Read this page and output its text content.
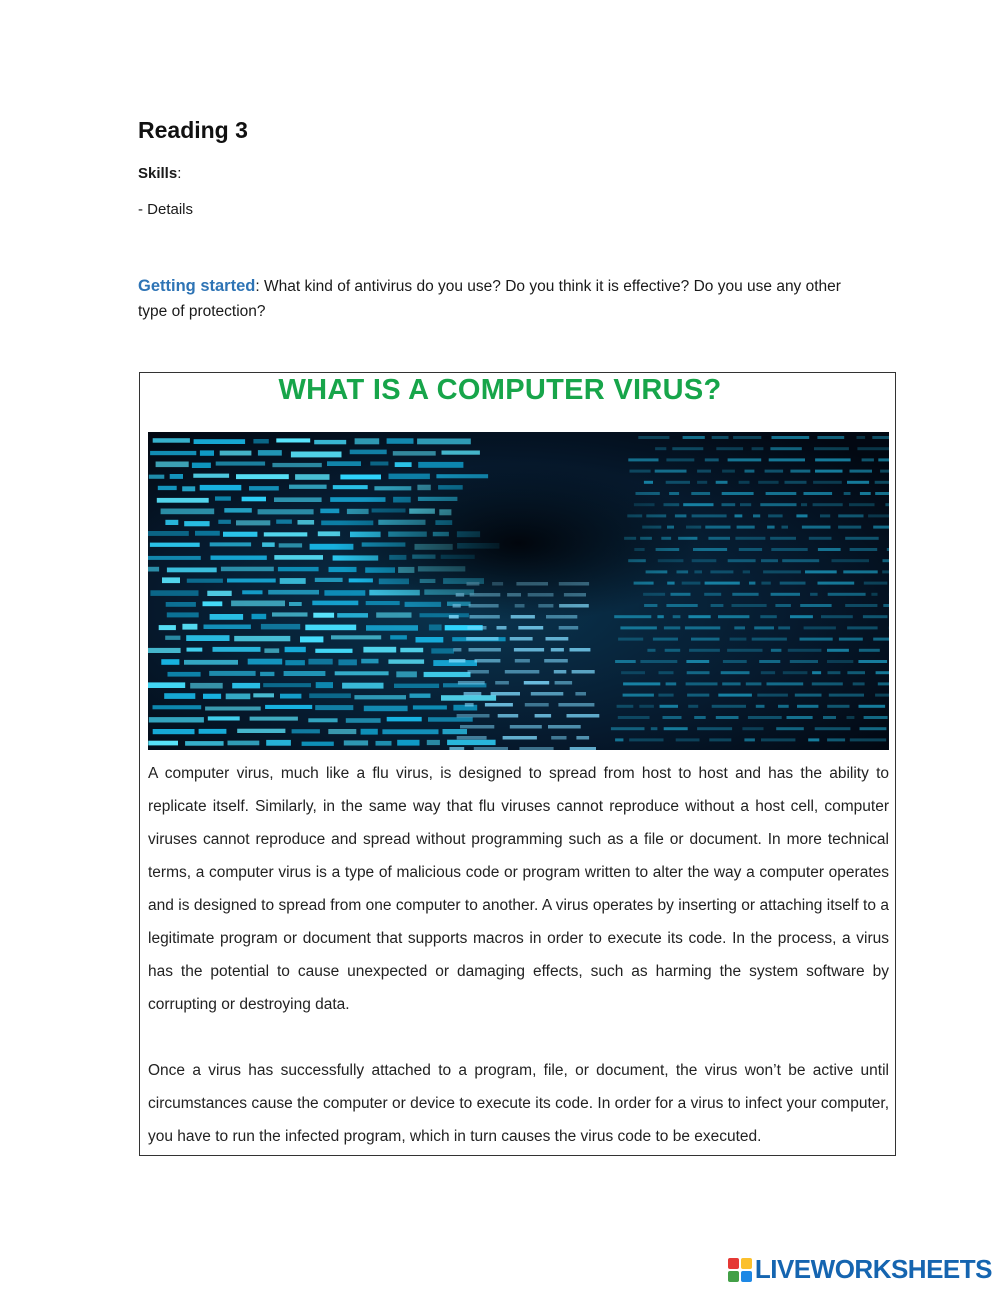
Reading 3
Skills:
- Details
Getting started: What kind of antivirus do you use? Do you think it is effective? Do you use any other type of protection?
WHAT IS A COMPUTER VIRUS?

A computer virus, much like a flu virus, is designed to spread from host to host and has the ability to replicate itself. Similarly, in the same way that flu viruses cannot reproduce without a host cell, computer viruses cannot reproduce and spread without programming such as a file or document. In more technical terms, a computer virus is a type of malicious code or program written to alter the way a computer operates and is designed to spread from one computer to another. A virus operates by inserting or attaching itself to a legitimate program or document that supports macros in order to execute its code. In the process, a virus has the potential to cause unexpected or damaging effects, such as harming the system software by corrupting or destroying data.

Once a virus has successfully attached to a program, file, or document, the virus won’t be active until circumstances cause the computer or device to execute its code. In order for a virus to infect your computer, you have to run the infected program, which in turn causes the virus code to be executed.

LIVEWORKSHEETS
